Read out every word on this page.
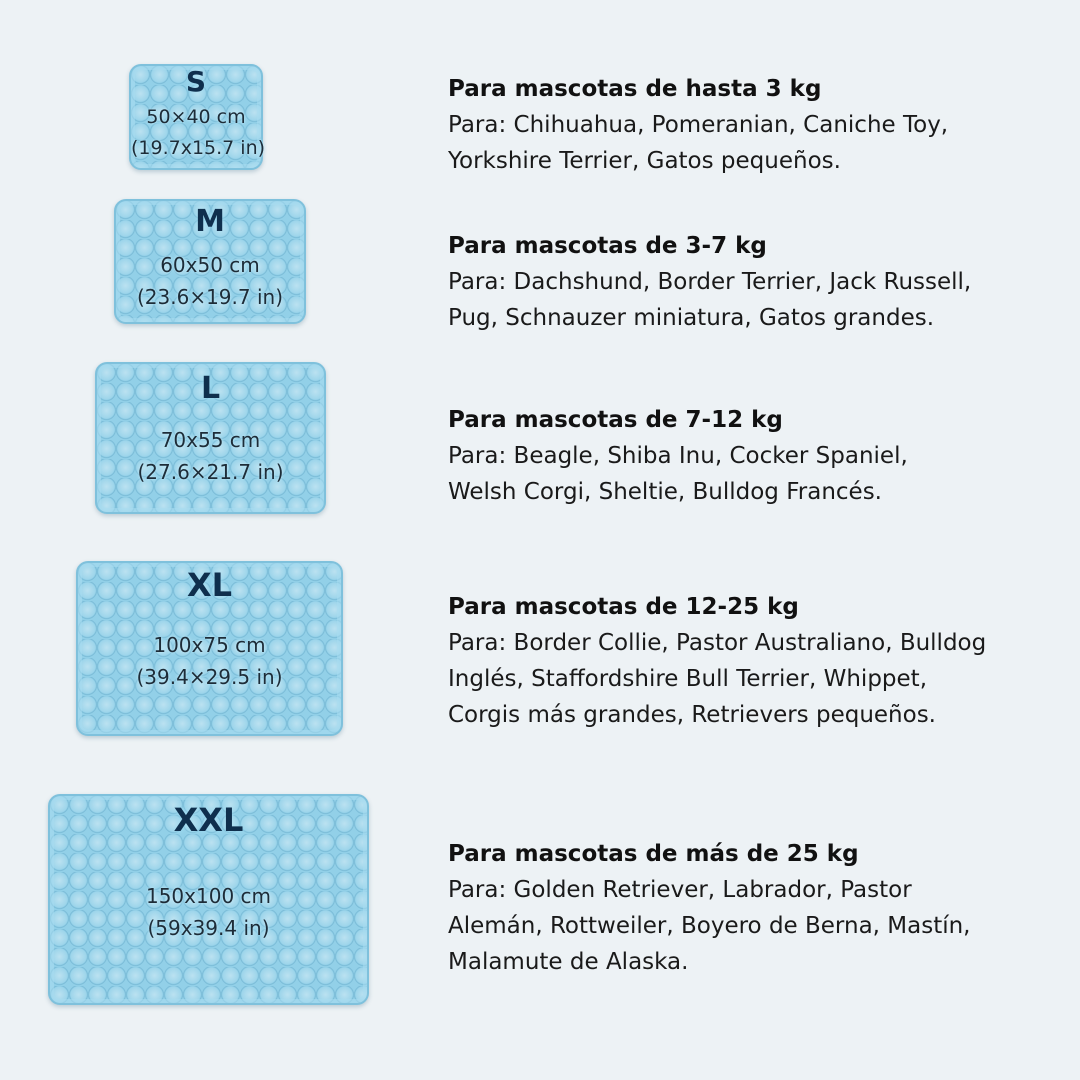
S
50×40 cm
(19.7x15.7 in)
Para mascotas de hasta 3 kg
Para: Chihuahua, Pomeranian, Caniche Toy,
Yorkshire Terrier, Gatos pequeños.
M
60x50 cm
(23.6×19.7 in)
Para mascotas de 3-7 kg
Para: Dachshund, Border Terrier, Jack Russell,
Pug, Schnauzer miniatura, Gatos grandes.
L
70x55 cm
(27.6×21.7 in)
Para mascotas de 7-12 kg
Para: Beagle, Shiba Inu, Cocker Spaniel,
Welsh Corgi, Sheltie, Bulldog Francés.
XL
100x75 cm
(39.4×29.5 in)
Para mascotas de 12-25 kg
Para: Border Collie, Pastor Australiano, Bulldog
Inglés, Staffordshire Bull Terrier, Whippet,
Corgis más grandes, Retrievers pequeños.
XXL
150x100 cm
(59x39.4 in)
Para mascotas de más de 25 kg
Para: Golden Retriever, Labrador, Pastor
Alemán, Rottweiler, Boyero de Berna, Mastín,
Malamute de Alaska.
